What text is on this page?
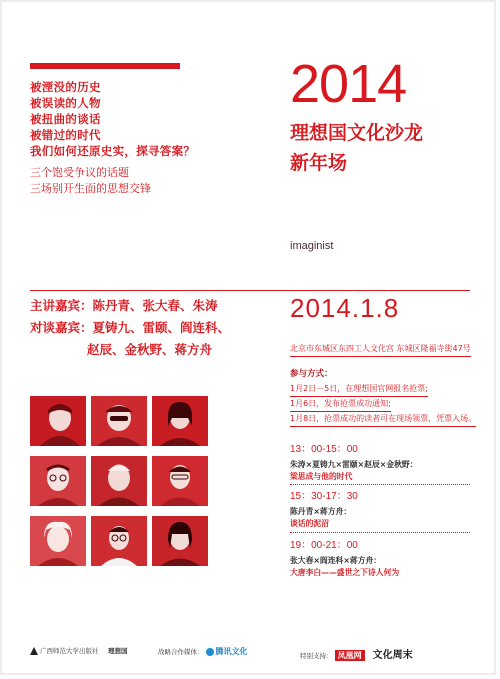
被湮没的历史
被误读的人物
被扭曲的谈话
被错过的时代
我们如何还原史实，探寻答案？
三个饱受争议的话题
三场别开生面的思想交锋
2014
理想国文化沙龙
新年场
imaginist
主讲嘉宾：陈丹青、张大春、朱涛
对谈嘉宾：夏铸九、雷颐、阎连科、
赵辰、金秋野、蒋方舟
2014.1.8
北京市东城区东四工人文化宫 东城区隆福寺街47号
参与方式：
1月2日－5日，在理想国官网报名抢票;
1月6日，发布抢票成功通知;
1月8日，抢票成功的读者可在现场领票，凭票入场。
13：00-15：00
朱涛×夏铸九×雷颐×赵辰×金秋野：
梁思成与他的时代
15：30-17：30
陈丹青×蒋方舟：
谈话的泥沼
19：00-21：00
张大春×阎连科×蒋方舟：
大唐李白——盛世之下诗人何为
广西师范大学出版社 理想国	战略合作媒体： 腾讯文化	特别支持： 凤凰网 文化周末
